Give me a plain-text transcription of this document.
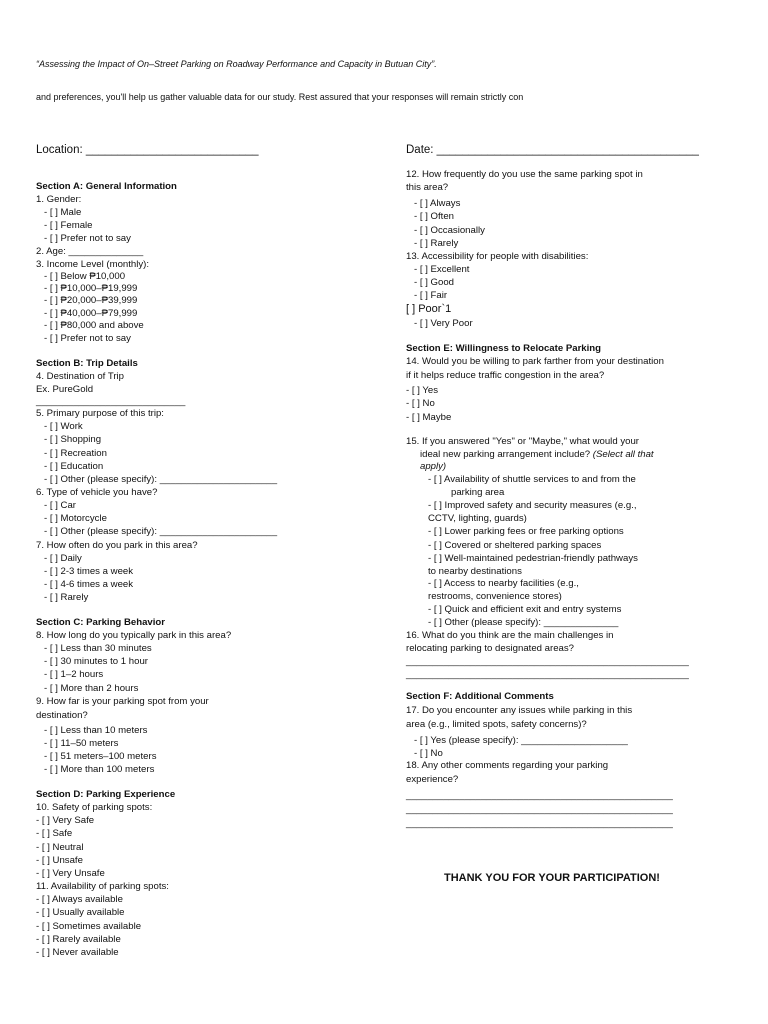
“Assessing the Impact of On–Street Parking on Roadway Performance and Capacity in Butuan City”.
and preferences, you'll help us gather valuable data for our study. Rest assured that your responses will remain strictly con
Location: ___________________________	Date: _________________________________________
Section A: General Information
1. Gender:
- [ ] Male
- [ ] Female
- [ ] Prefer not to say
2. Age: ______________
3. Income Level (monthly):
- [ ] Below ₱10,000
- [ ] ₱10,000–₱19,999
- [ ] ₱20,000–₱39,999
- [ ] ₱40,000–₱79,999
- [ ] ₱80,000 and above
- [ ] Prefer not to say
Section B: Trip Details
4. Destination of Trip
Ex. PureGold
____________________________
5. Primary purpose of this trip:
- [ ] Work
- [ ] Shopping
- [ ] Recreation
- [ ] Education
- [ ] Other (please specify): ______________________
6. Type of vehicle you have?
- [ ] Car
- [ ] Motorcycle
- [ ] Other (please specify): ______________________
7. How often do you park in this area?
- [ ] Daily
- [ ] 2-3 times a week
- [ ] 4-6 times a week
- [ ] Rarely
Section C: Parking Behavior
8. How long do you typically park in this area?
- [ ] Less than 30 minutes
- [ ] 30 minutes to 1 hour
- [ ] 1–2 hours
- [ ] More than 2 hours
9. How far is your parking spot from your
destination?
- [ ] Less than 10 meters
- [ ] 11–50 meters
- [ ] 51 meters–100 meters
- [ ] More than 100 meters
Section D: Parking Experience
10. Safety of parking spots:
- [ ] Very Safe
- [ ] Safe
- [ ] Neutral
- [ ] Unsafe
- [ ] Very Unsafe
11. Availability of parking spots:
- [ ] Always available
- [ ] Usually available
- [ ] Sometimes available
- [ ] Rarely available
- [ ] Never available
12. How frequently do you use the same parking spot in
this area?
- [ ] Always
- [ ] Often
- [ ] Occasionally
- [ ] Rarely
13. Accessibility for people with disabilities:
- [ ] Excellent
- [ ] Good
- [ ] Fair
[ ] Poor`1
- [ ] Very Poor
Section E: Willingness to Relocate Parking
14. Would you be willing to park farther from your destination
if it helps reduce traffic congestion in the area?
- [ ] Yes
- [ ] No
- [ ] Maybe
15. If you answered "Yes" or "Maybe," what would your
ideal new parking arrangement include? (Select all that
apply)
- [ ] Availability of shuttle services to and from the
parking area
- [ ] Improved safety and security measures (e.g.,
CCTV, lighting, guards)
- [ ] Lower parking fees or free parking options
- [ ] Covered or sheltered parking spaces
- [ ] Well-maintained pedestrian-friendly pathways
to nearby destinations
- [ ] Access to nearby facilities (e.g.,
restrooms, convenience stores)
- [ ] Quick and efficient exit and entry systems
- [ ] Other (please specify): ______________
16. What do you think are the main challenges in
relocating parking to designated areas?
_____________________________________________________
_____________________________________________________
Section F: Additional Comments
17. Do you encounter any issues while parking in this
area (e.g., limited spots, safety concerns)?
- [ ] Yes (please specify): ____________________
- [ ] No
18. Any other comments regarding your parking
experience?
__________________________________________________
__________________________________________________
__________________________________________________
THANK YOU FOR YOUR PARTICIPATION!
